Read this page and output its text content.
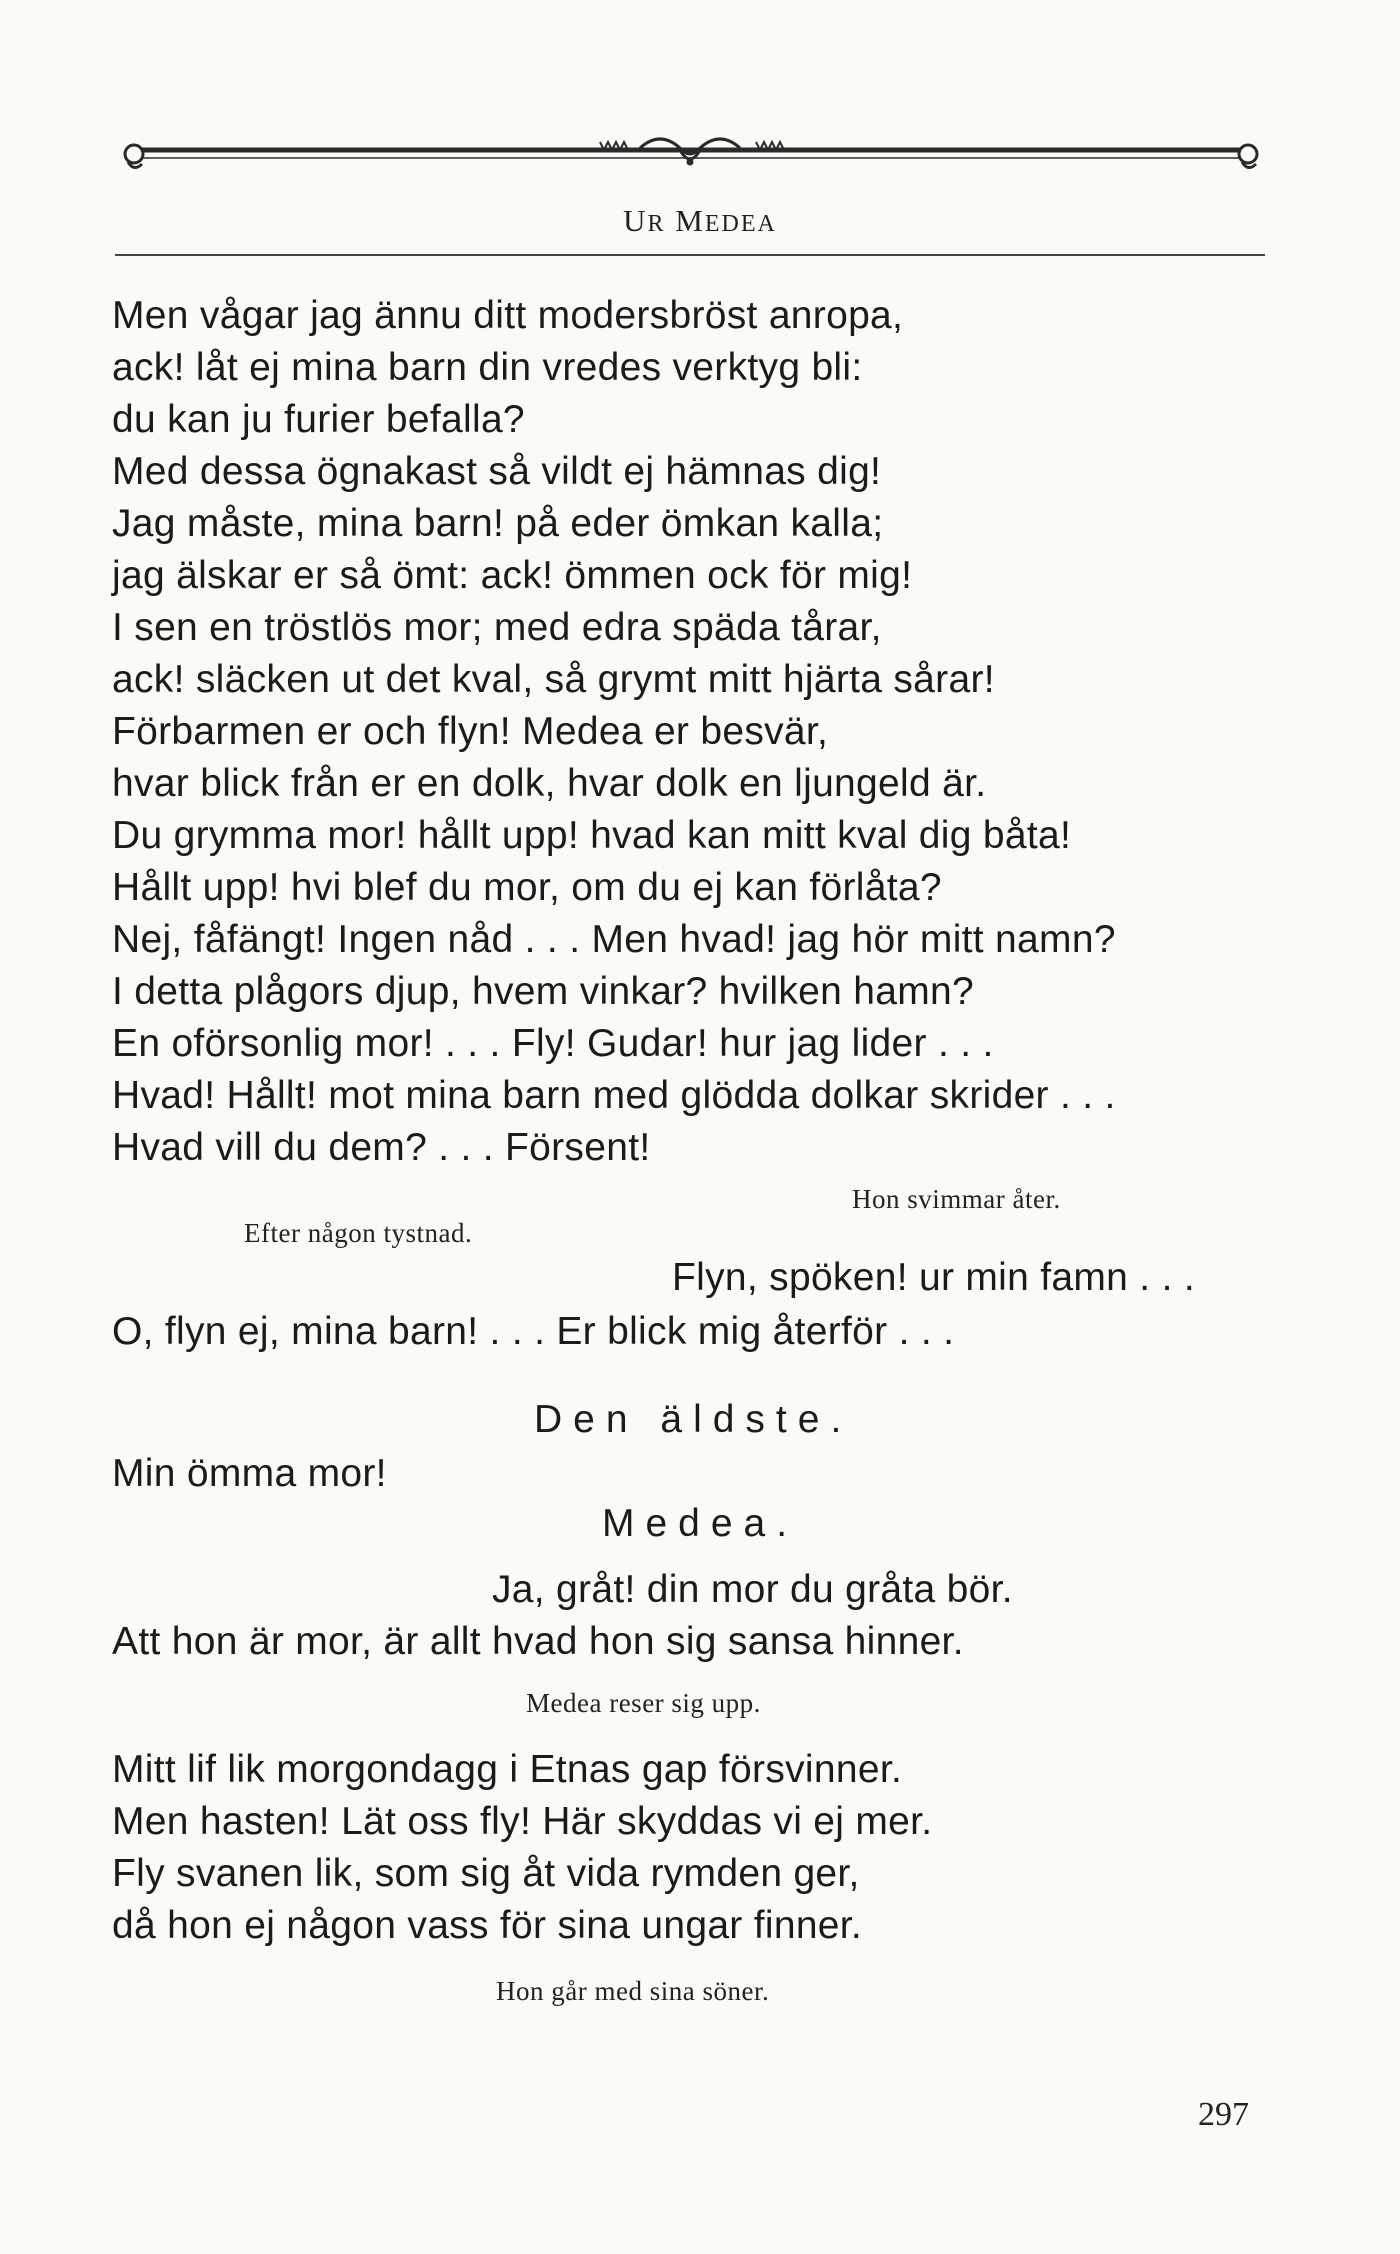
UR MEDEA
Men vågar jag ännu ditt modersbröst anropa,
ack! låt ej mina barn din vredes verktyg bli:
du kan ju furier befalla?
Med dessa ögnakast så vildt ej hämnas dig!
Jag måste, mina barn! på eder ömkan kalla;
jag älskar er så ömt: ack! ömmen ock för mig!
I sen en tröstlös mor; med edra späda tårar,
ack! släcken ut det kval, så grymt mitt hjärta sårar!
Förbarmen er och flyn! Medea er besvär,
hvar blick från er en dolk, hvar dolk en ljungeld är.
Du grymma mor! hållt upp! hvad kan mitt kval dig båta!
Hållt upp! hvi blef du mor, om du ej kan förlåta?
Nej, fåfängt! Ingen nåd . . . Men hvad! jag hör mitt namn?
I detta plågors djup, hvem vinkar? hvilken hamn?
En oförsonlig mor! . . . Fly! Gudar! hur jag lider . . .
Hvad! Hållt! mot mina barn med glödda dolkar skrider . . .
Hvad vill du dem? . . . Försent!
Hon svimmar åter.
Efter någon tystnad.
Flyn, spöken! ur min famn . . .
O, flyn ej, mina barn! . . . Er blick mig återför . . .
Den äldste.
Min ömma mor!
Medea.
Ja, gråt! din mor du gråta bör.
Att hon är mor, är allt hvad hon sig sansa hinner.
Medea reser sig upp.
Mitt lif lik morgondagg i Etnas gap försvinner.
Men hasten! Lät oss fly! Här skyddas vi ej mer.
Fly svanen lik, som sig åt vida rymden ger,
då hon ej någon vass för sina ungar finner.
Hon går med sina söner.
297
